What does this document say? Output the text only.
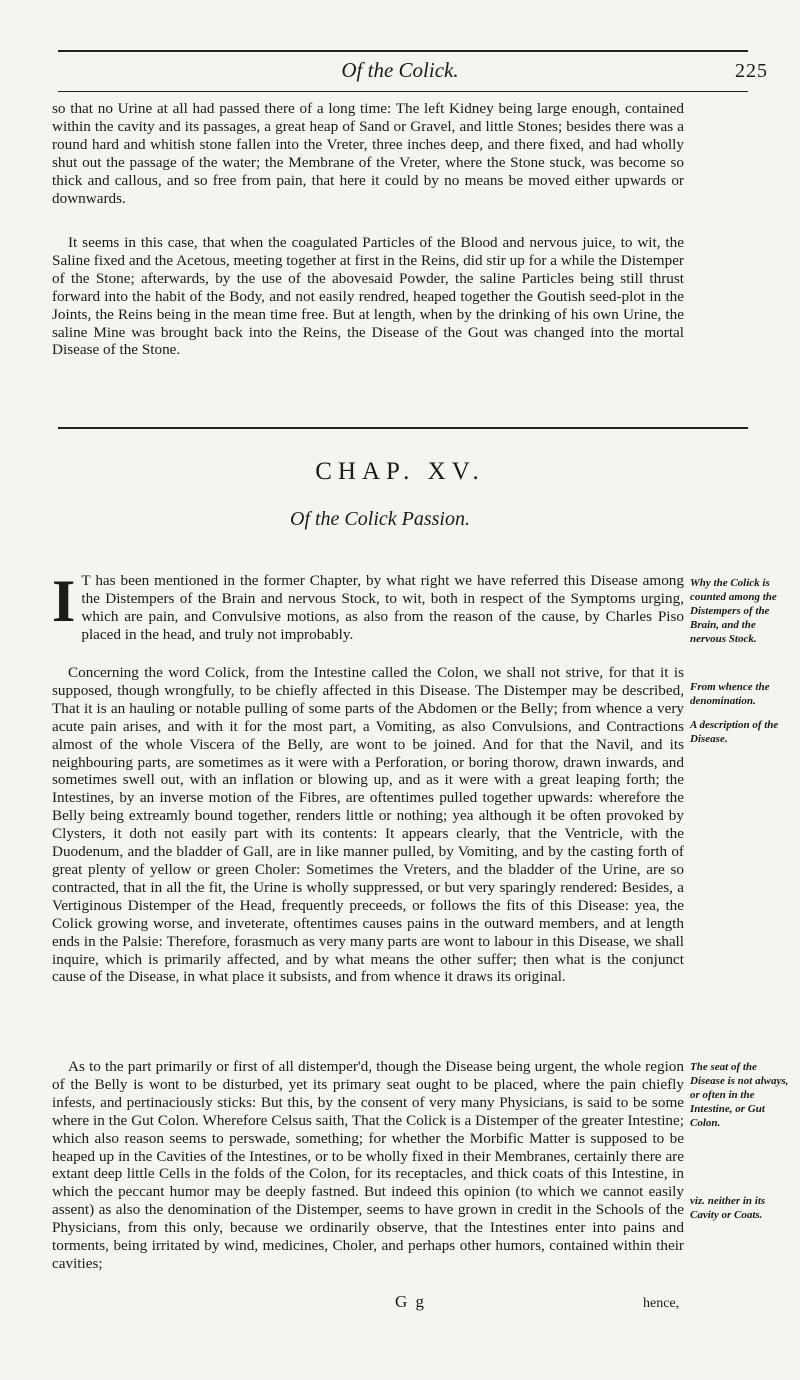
Of the Colick.	225

so that no Urine at all had passed there of a long time: The left Kidney being large enough, contained within the cavity and its passages, a great heap of Sand or Gravel, and little Stones; besides there was a round hard and whitish stone fallen into the Vreter, three inches deep, and there fixed, and had wholly shut out the passage of the water; the Membrane of the Vreter, where the Stone stuck, was become so thick and callous, and so free from pain, that here it could by no means be moved either upwards or downwards.

It seems in this case, that when the coagulated Particles of the Blood and nervous juice, to wit, the Saline fixed and the Acetous, meeting together at first in the Reins, did stir up for a while the Distemper of the Stone; afterwards, by the use of the abovesaid Powder, the saline Particles being still thrust forward into the habit of the Body, and not easily rendred, heaped together the Goutish seed-plot in the Joints, the Reins being in the mean time free. But at length, when by the drinking of his own Urine, the saline Mine was brought back into the Reins, the Disease of the Gout was changed into the mortal Disease of the Stone.

CHAP. XV.
Of the Colick Passion.

I T has been mentioned in the former Chapter, by what right we have referred this Disease among the Distempers of the Brain and nervous Stock, to wit, both in respect of the Symptoms urging, which are pain, and Convulsive motions, as also from the reason of the cause, by Charles Piso placed in the head, and truly not improbably.

Concerning the word Colick, from the Intestine called the Colon, we shall not strive, for that it is supposed, though wrongfully, to be chiefly affected in this Disease. The Distemper may be described, That it is an hauling or notable pulling of some parts of the Abdomen or the Belly; from whence a very acute pain arises, and with it for the most part, a Vomiting, as also Convulsions, and Contractions almost of the whole Viscera of the Belly, are wont to be joined. And for that the Navil, and its neighbouring parts, are sometimes as it were with a Perforation, or boring thorow, drawn inwards, and sometimes swell out, with an inflation or blowing up, and as it were with a great leaping forth; the Intestines, by an inverse motion of the Fibres, are oftentimes pulled together upwards: wherefore the Belly being extreamly bound together, renders little or nothing; yea although it be often provoked by Clysters, it doth not easily part with its contents: It appears clearly, that the Ventricle, with the Duodenum, and the bladder of Gall, are in like manner pulled, by Vomiting, and by the casting forth of great plenty of yellow or green Choler: Sometimes the Vreters, and the bladder of the Urine, are so contracted, that in all the fit, the Urine is wholly suppressed, or but very sparingly rendered: Besides, a Vertiginous Distemper of the Head, frequently preceeds, or follows the fits of this Disease: yea, the Colick growing worse, and inveterate, oftentimes causes pains in the outward members, and at length ends in the Palsie: Therefore, forasmuch as very many parts are wont to labour in this Disease, we shall inquire, which is primarily affected, and by what means the other suffer; then what is the conjunct cause of the Disease, in what place it subsists, and from whence it draws its original.

As to the part primarily or first of all distemper'd, though the Disease being urgent, the whole region of the Belly is wont to be disturbed, yet its primary seat ought to be placed, where the pain chiefly infests, and pertinaciously sticks: But this, by the consent of very many Physicians, is said to be some where in the Gut Colon. Wherefore Celsus saith, That the Colick is a Distemper of the greater Intestine; which also reason seems to perswade, something; for whether the Morbific Matter is supposed to be heaped up in the Cavities of the Intestines, or to be wholly fixed in their Membranes, certainly there are extant deep little Cells in the folds of the Colon, for its receptacles, and thick coats of this Intestine, in which the peccant humor may be deeply fastned. But indeed this opinion (to which we cannot easily assent) as also the denomination of the Distemper, seems to have grown in credit in the Schools of the Physicians, from this only, because we ordinarily observe, that the Intestines enter into pains and torments, being irritated by wind, medicines, Choler, and perhaps other humors, contained within their cavities;

Why the Colick is counted among the Distempers of the Brain, and the nervous Stock.
From whence the denomination.
A description of the Disease.
The seat of the Disease is not always, or often in the Intestine, or Gut Colon.
viz. neither in its Cavity or Coats.
G g	hence,
